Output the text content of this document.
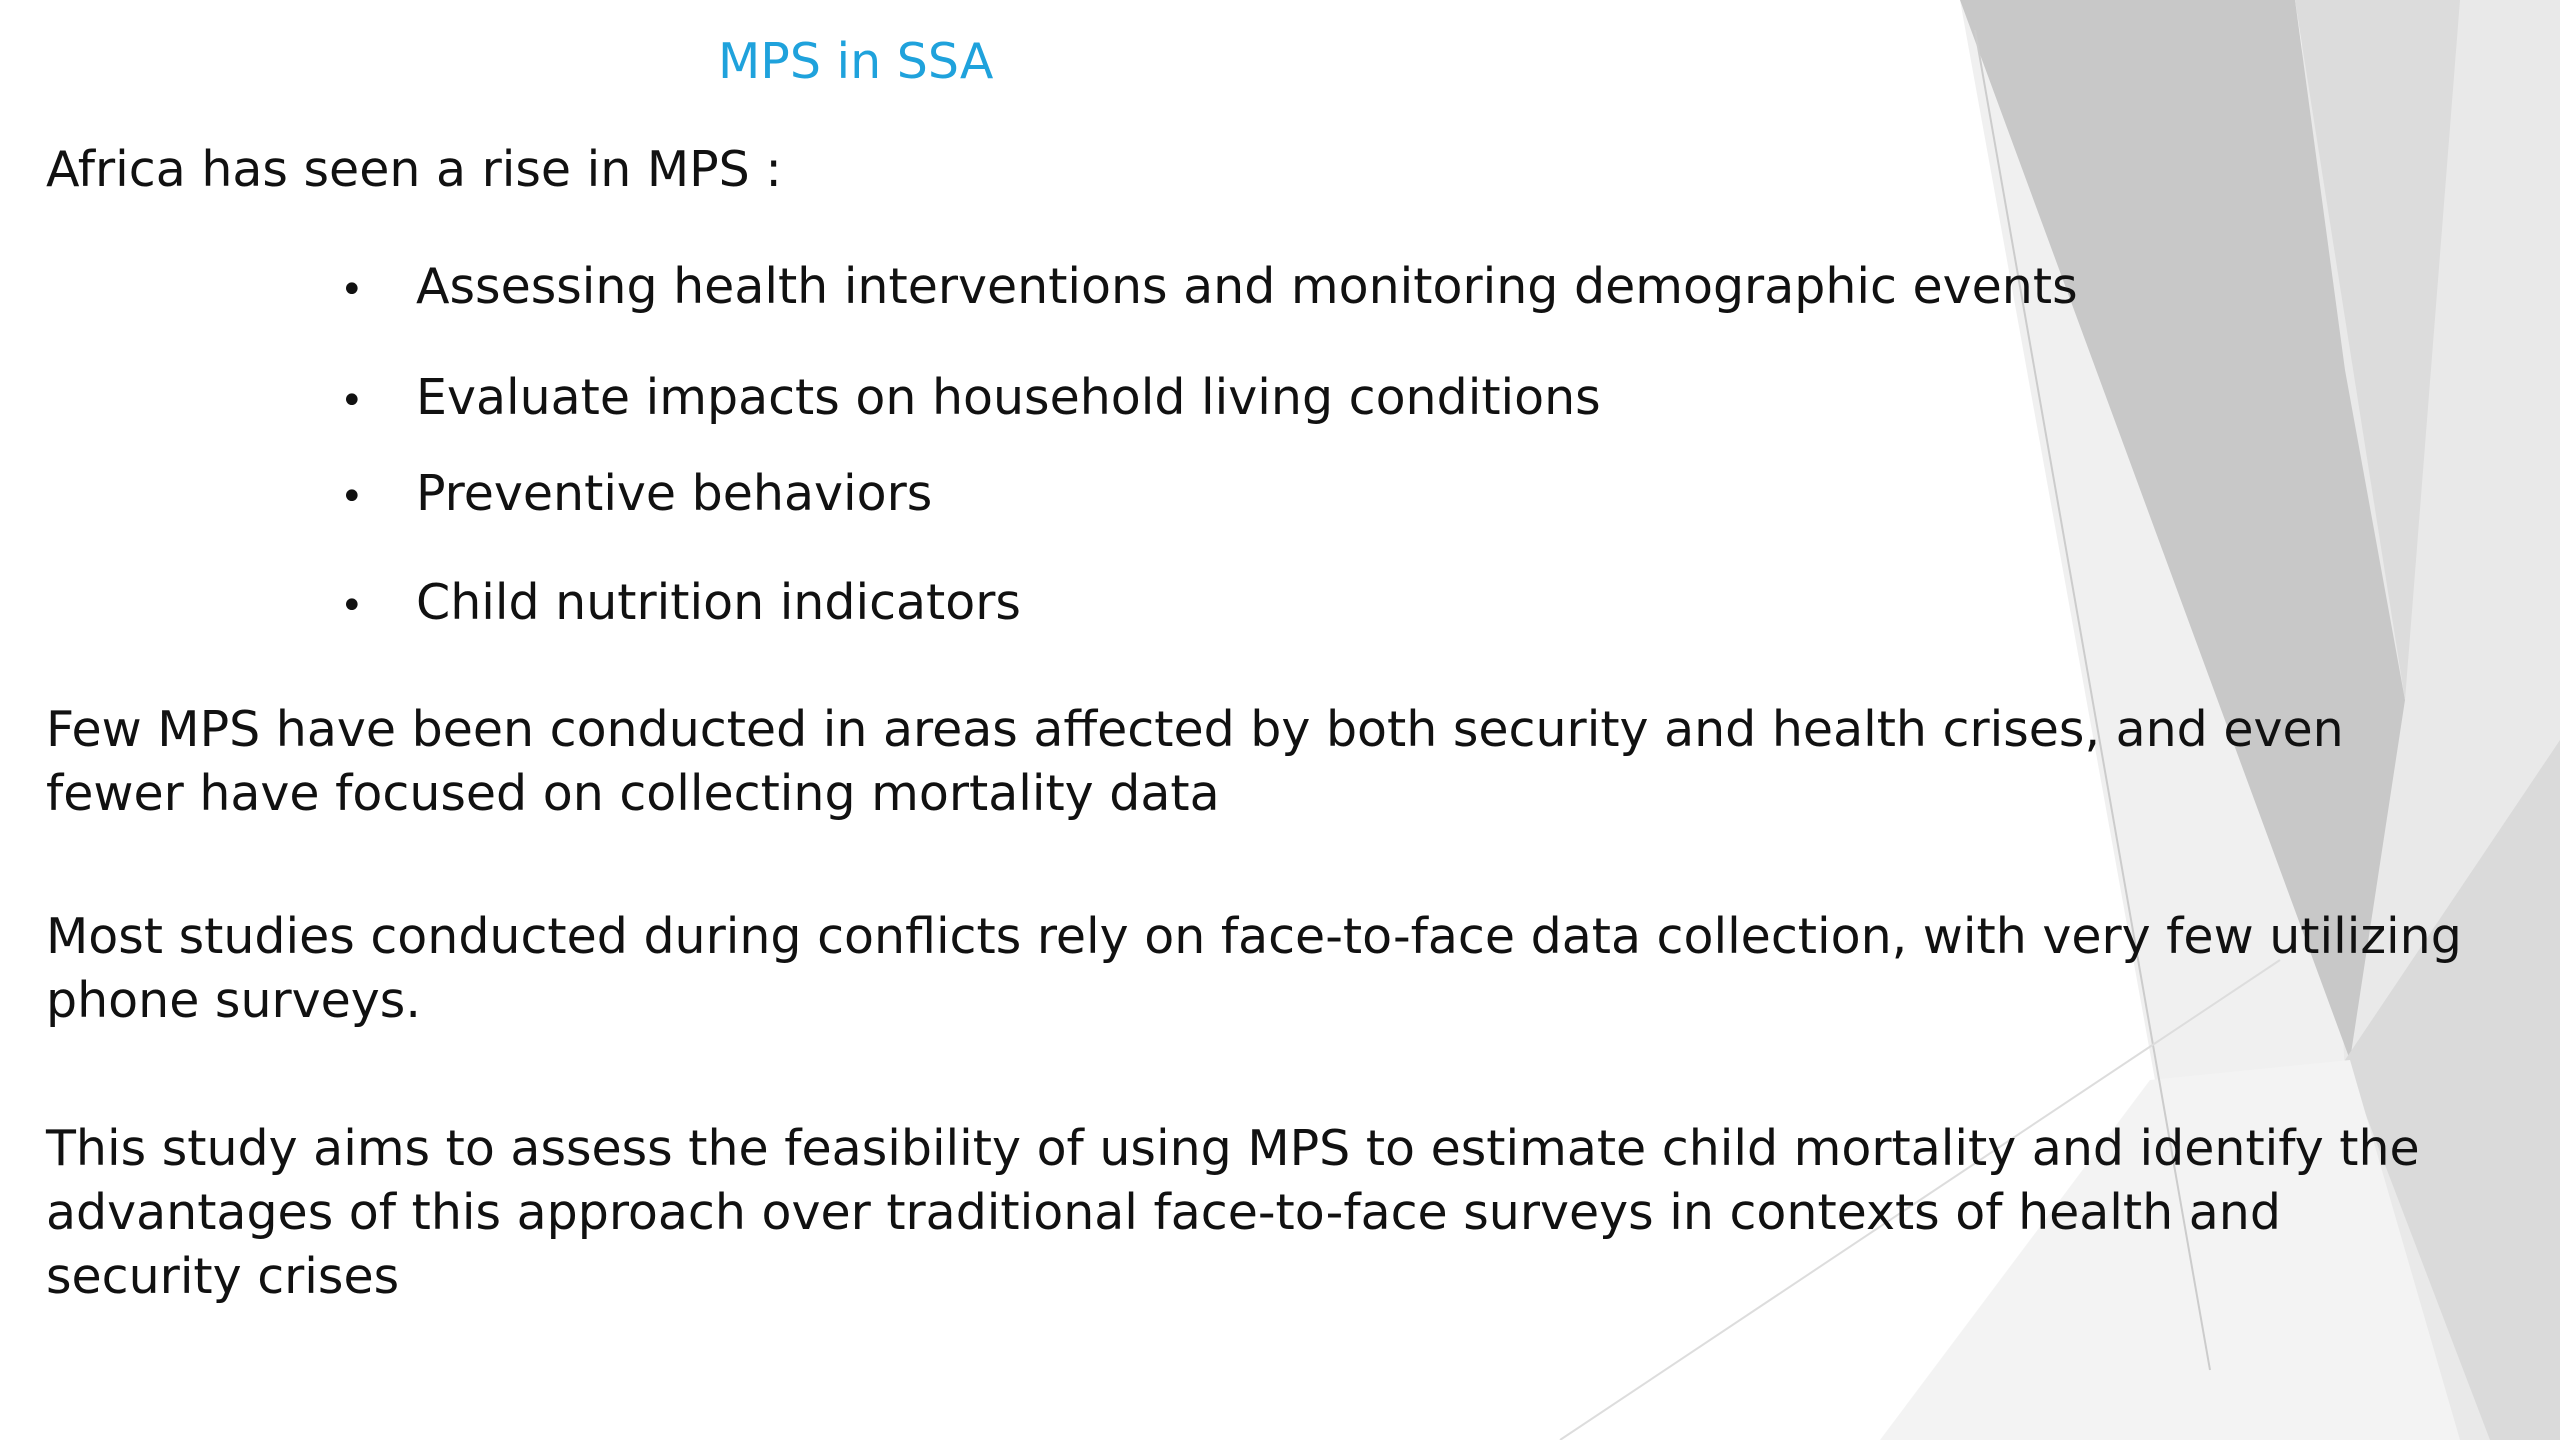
MPS in SSA
Africa has seen a rise in MPS :
• Assessing health interventions and monitoring demographic events
• Evaluate impacts on household living conditions
• Preventive behaviors
• Child nutrition indicators

Few MPS have been conducted in areas affected by both security and health crises, and even fewer have focused on collecting mortality data

Most studies conducted during conflicts rely on face-to-face data collection, with very few utilizing phone surveys.

This study aims to assess the feasibility of using MPS to estimate child mortality and identify the advantages of this approach over traditional face-to-face surveys in contexts of health and security crises
